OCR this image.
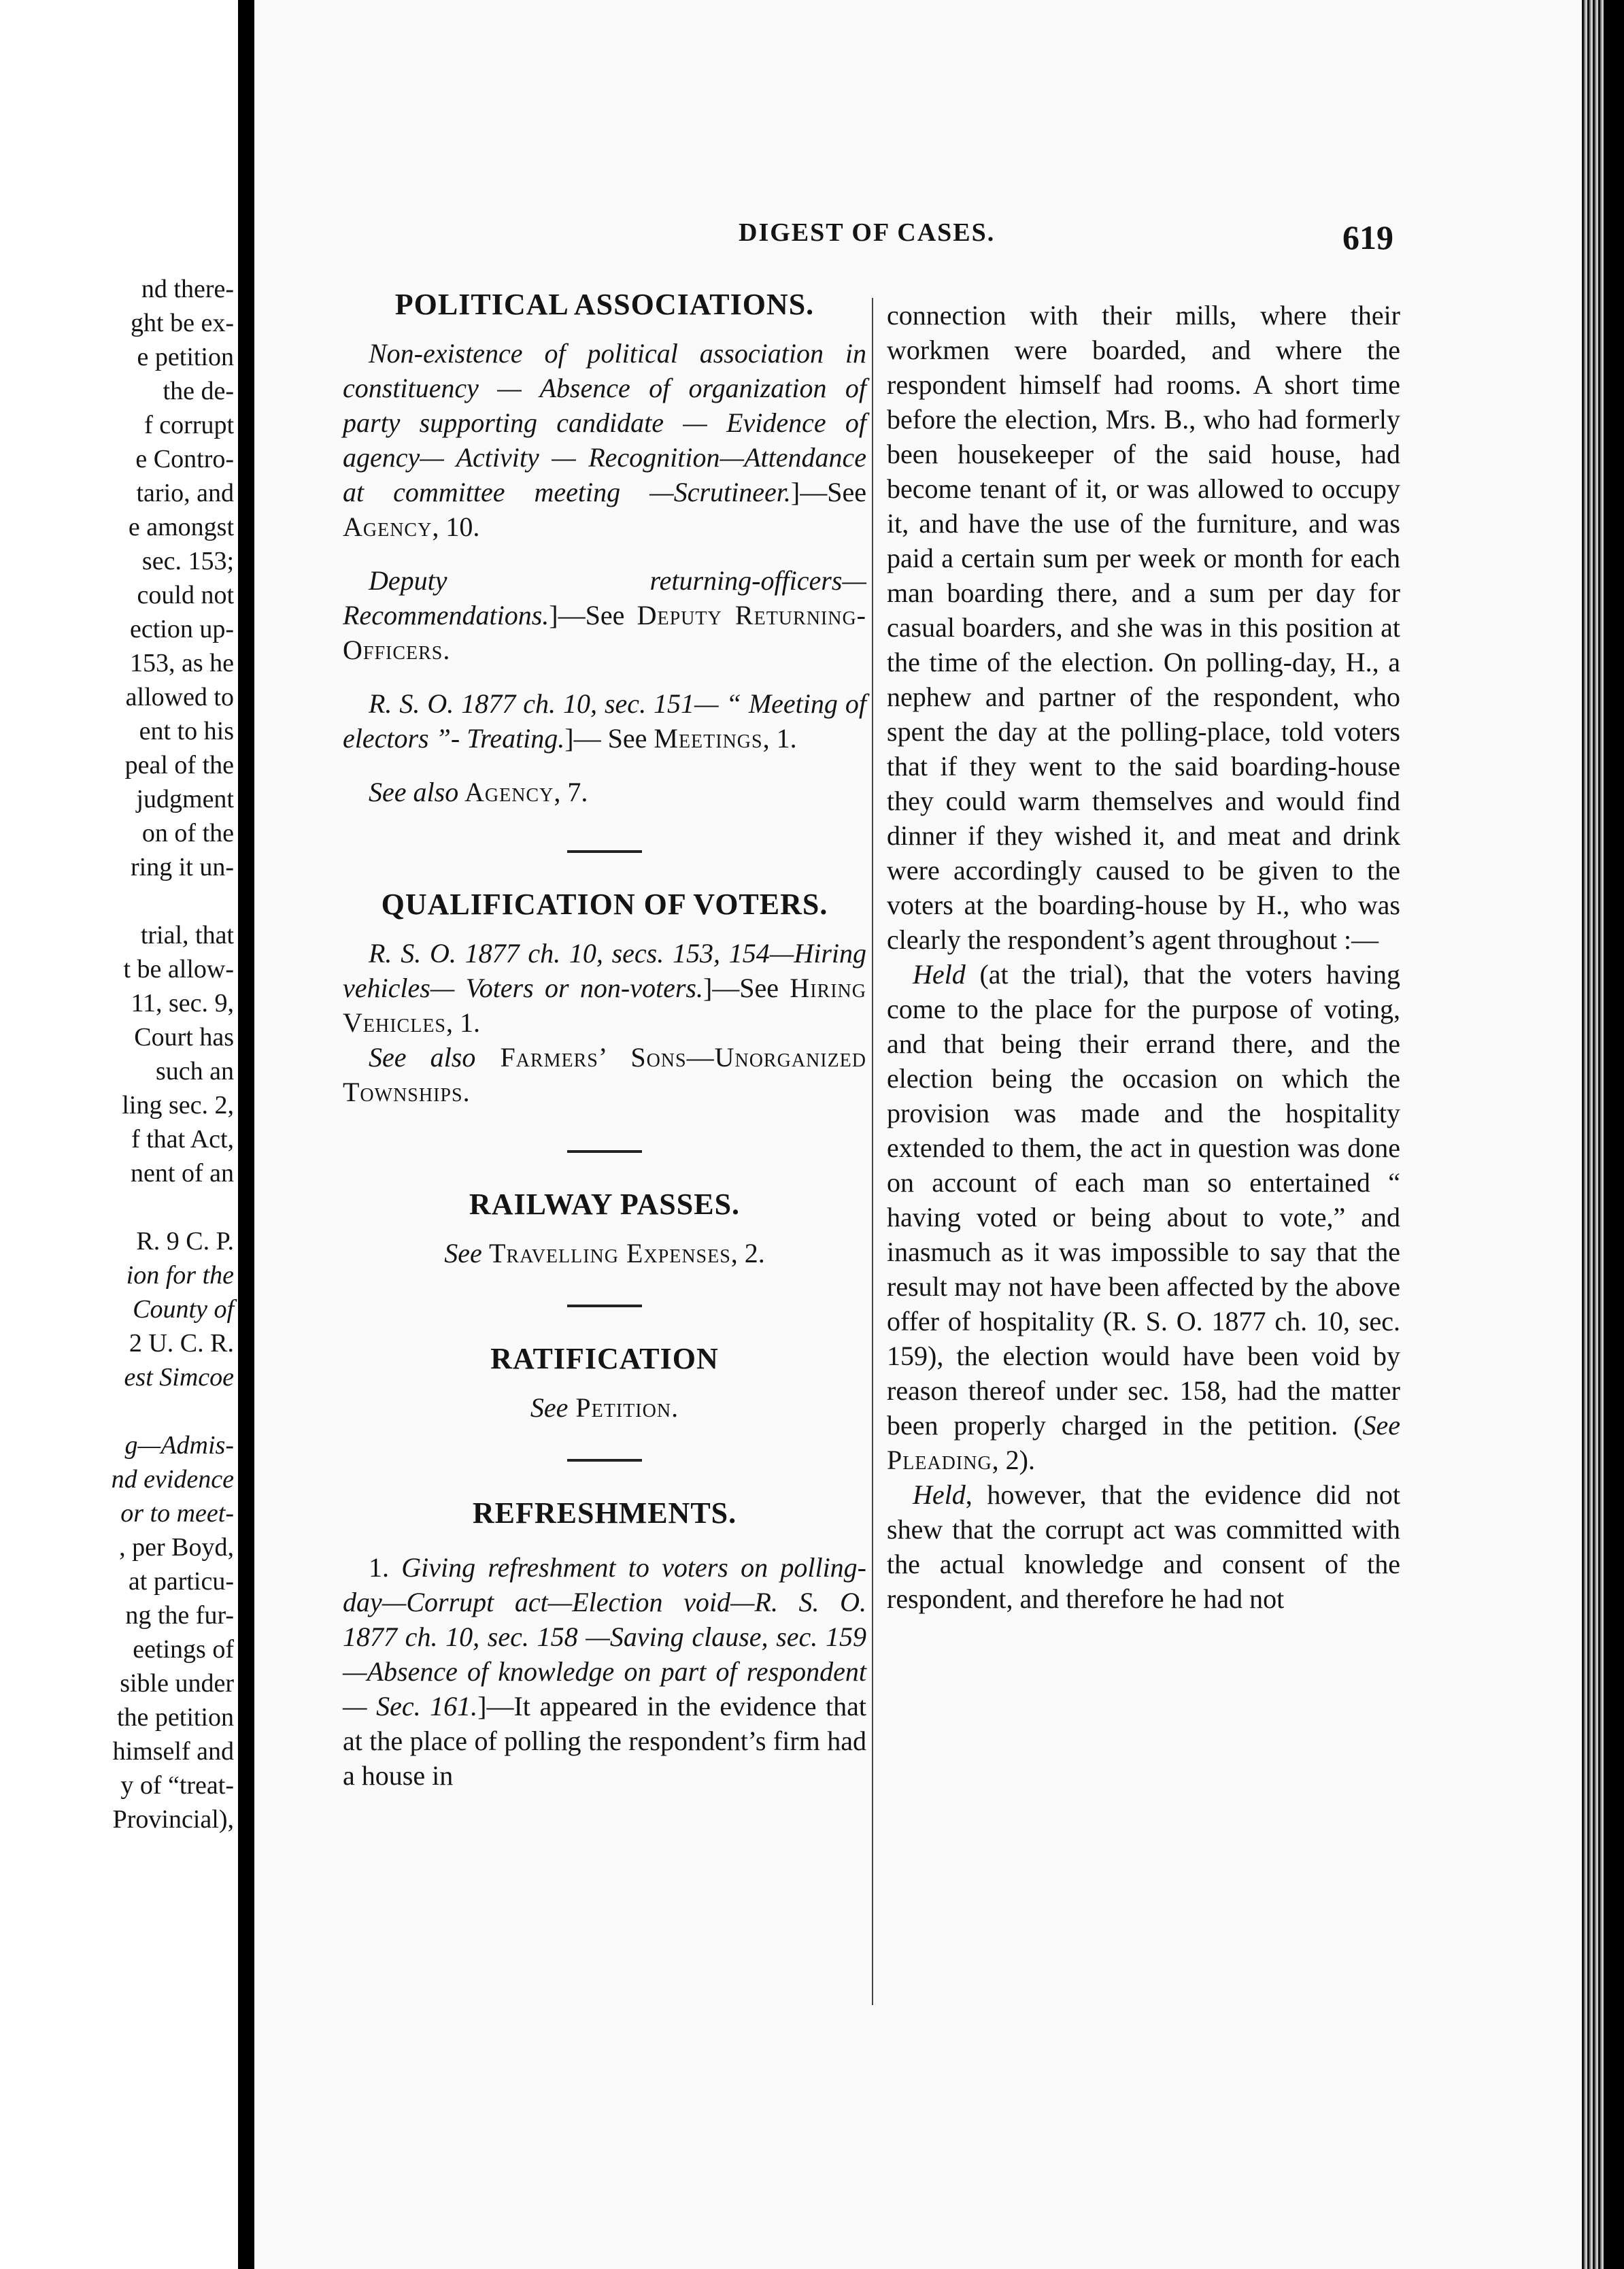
nd there-

ght be ex-

e petition

the de-

f corrupt

e Contro-

tario, and

e amongst

sec. 153;

could not

ection up-

153, as he

allowed to

ent to his

peal of the

judgment

on of the

ring it un-

trial, that

t be allow-

11, sec. 9,

Court has

such an

ling sec. 2,

f that Act,

nent of an

R. 9 C. P.

ion for the

County of

2 U. C. R.

est Simcoe

g—Admis-

nd evidence

or to meet-

, per Boyd,

at particu-

ng the fur-

eetings of

sible under

the petition

himself and

y of “treat-

Provincial),

DIGEST OF CASES.	619
POLITICAL ASSOCIATIONS.

Non-existence of political association in constituency — Absence of organization of party supporting candidate — Evidence of agency— Activity — Recognition—Attendance at committee meeting —Scrutineer.]—See Agency, 10.

Deputy returning-officers—Recommendations.]—See Deputy Returning-Officers.

R. S. O. 1877 ch. 10, sec. 151— “ Meeting of electors ”- Treating.]— See Meetings, 1.

See also Agency, 7.

QUALIFICATION OF VOTERS.

R. S. O. 1877 ch. 10, secs. 153, 154—Hiring vehicles— Voters or non-voters.]—See Hiring Vehicles, 1.

See also Farmers’ Sons—Unorganized Townships.

RAILWAY PASSES.

See Travelling Expenses, 2.

RATIFICATION

See Petition.

REFRESHMENTS.

1. Giving refreshment to voters on polling-day—Corrupt act—Election void—R. S. O. 1877 ch. 10, sec. 158 —Saving clause, sec. 159—Absence of knowledge on part of respondent— Sec. 161.]—It appeared in the evidence that at the place of polling the respondent’s firm had a house in

connection with their mills, where their workmen were boarded, and where the respondent himself had rooms. A short time before the election, Mrs. B., who had formerly been housekeeper of the said house, had become tenant of it, or was allowed to occupy it, and have the use of the furniture, and was paid a certain sum per week or month for each man boarding there, and a sum per day for casual boarders, and she was in this position at the time of the election. On polling-day, H., a nephew and partner of the respondent, who spent the day at the polling-place, told voters that if they went to the said boarding-house they could warm themselves and would find dinner if they wished it, and meat and drink were accordingly caused to be given to the voters at the boarding-house by H., who was clearly the respondent’s agent throughout :—

Held (at the trial), that the voters having come to the place for the purpose of voting, and that being their errand there, and the election being the occasion on which the provision was made and the hospitality extended to them, the act in question was done on account of each man so entertained “ having voted or being about to vote,” and inasmuch as it was impossible to say that the result may not have been affected by the above offer of hospitality (R. S. O. 1877 ch. 10, sec. 159), the election would have been void by reason thereof under sec. 158, had the matter been properly charged in the petition. (See Pleading, 2).

Held, however, that the evidence did not shew that the corrupt act was committed with the actual knowledge and consent of the respondent, and therefore he had not
